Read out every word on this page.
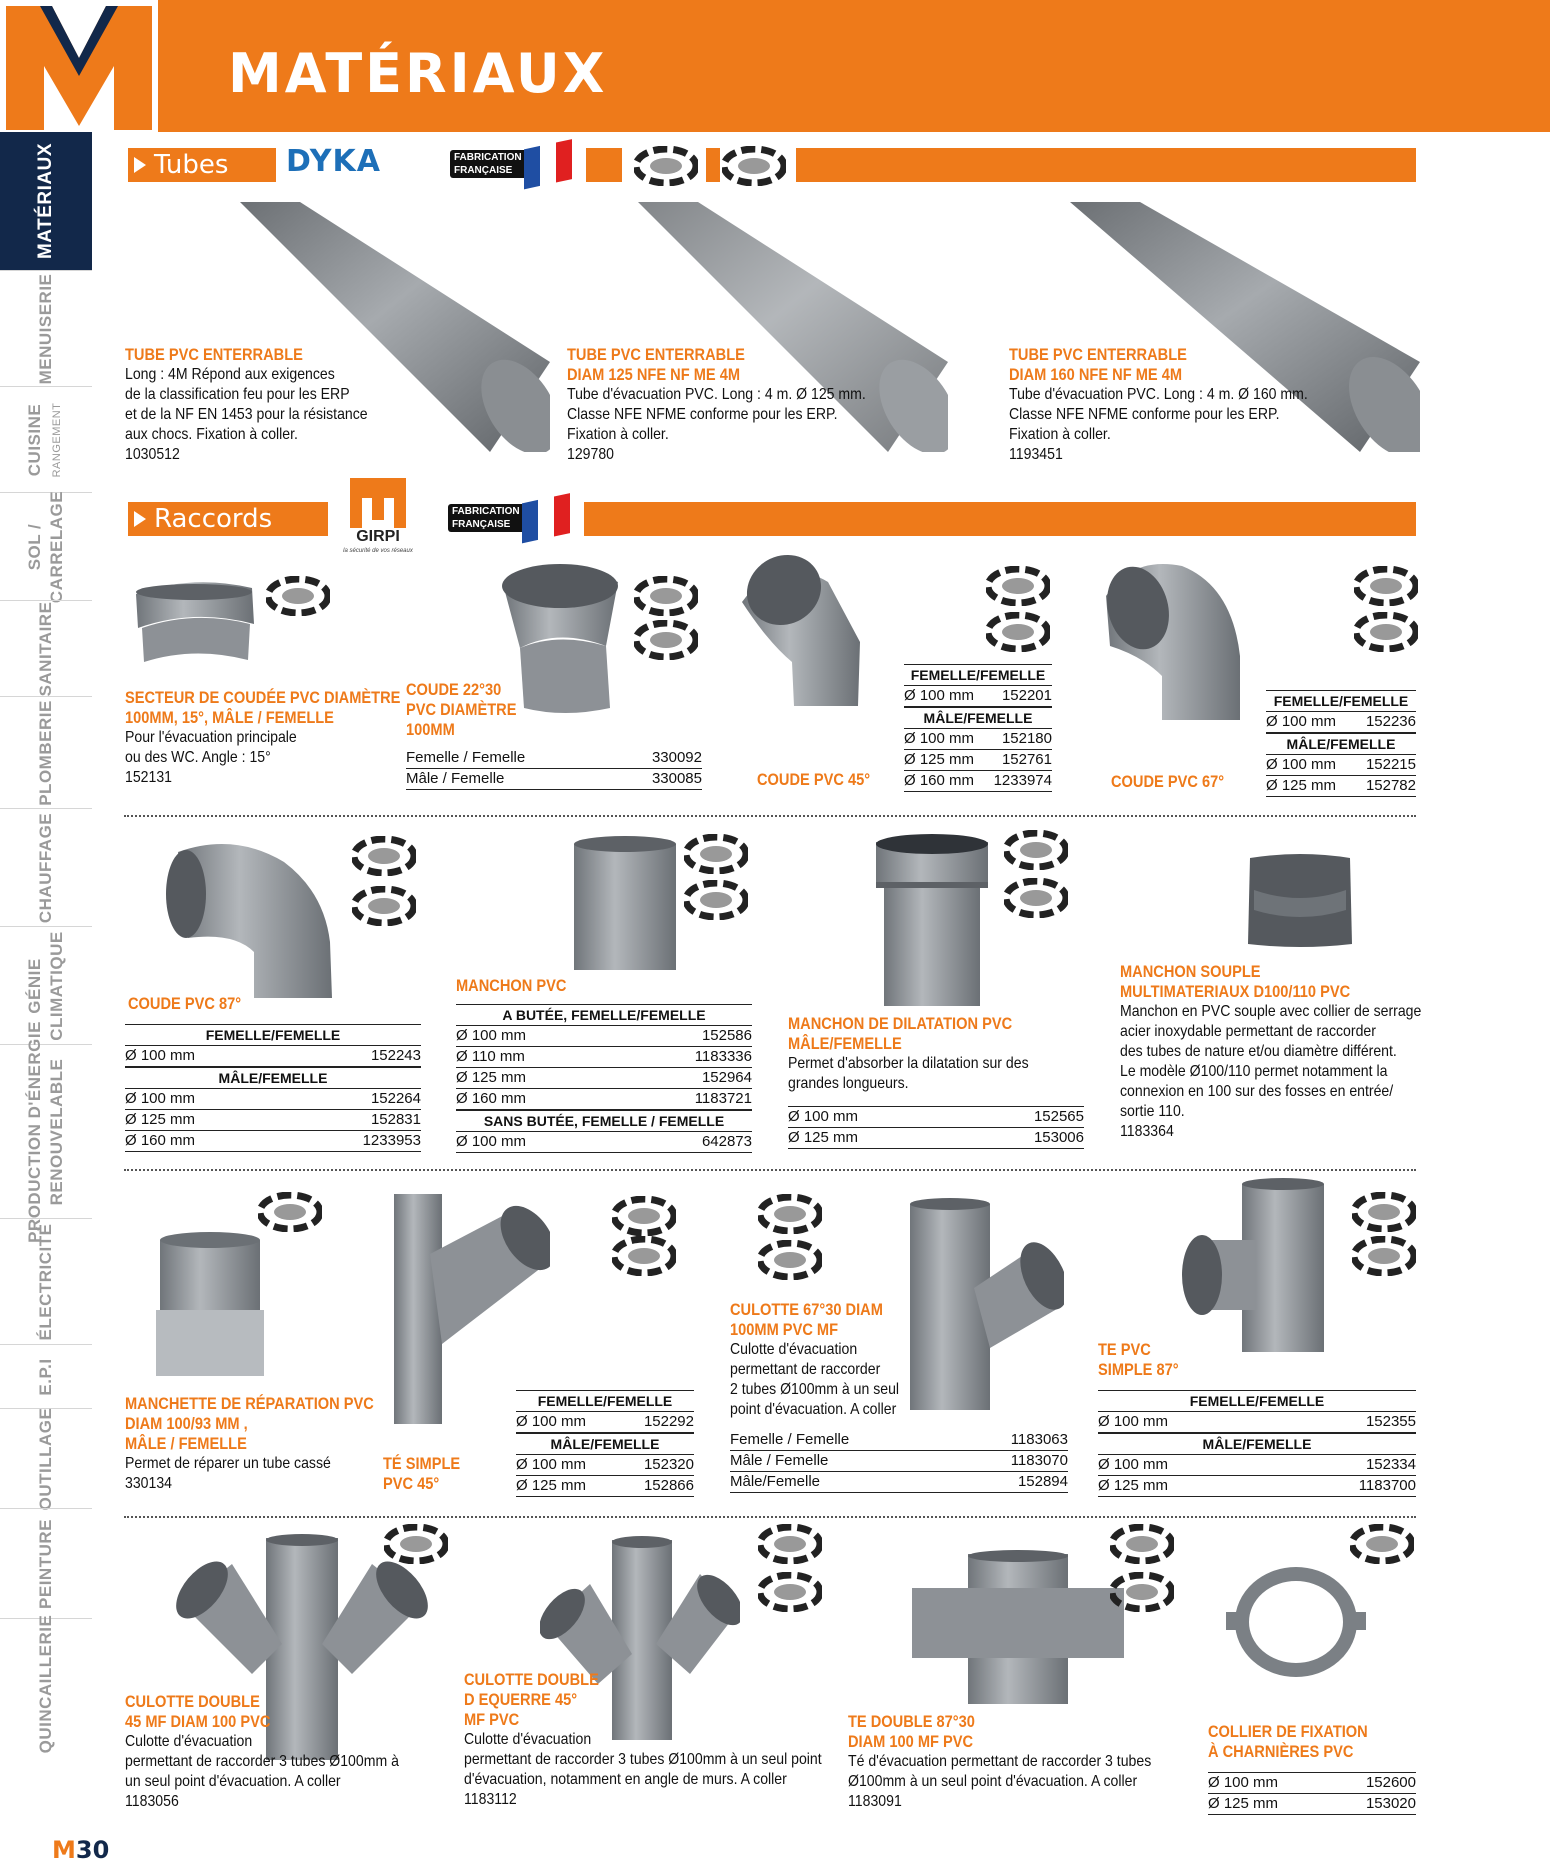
MATÉRIAUX
MATÉRIAUX
MENUISERIE
CUISINE RANGEMENT
SOL / CARRELAGE
SANITAIRE
PLOMBERIE
CHAUFFAGE
GÉNIE CLIMATIQUE
PRODUCTION D'ÉNERGIE RENOUVELABLE
ÉLECTRICITÉ
E.P.I
OUTILLAGE
PEINTURE
QUINCAILLERIE
Tubes	DYKA	FABRICATION FRANÇAISE
TUBE PVC ENTERRABLE
Long : 4M Répond aux exigences
de la classification feu pour les ERP
et de la NF EN 1453 pour la résistance
aux chocs. Fixation à coller.
1030512
TUBE PVC ENTERRABLE
DIAM 125 NFE NF ME 4M
Tube d'évacuation PVC. Long : 4 m. Ø 125 mm.
Classe NFE NFME conforme pour les ERP.
Fixation à coller.
129780
TUBE PVC ENTERRABLE
DIAM 160 NFE NF ME 4M
Tube d'évacuation PVC. Long : 4 m. Ø 160 mm.
Classe NFE NFME conforme pour les ERP.
Fixation à coller.
1193451
Raccords
GIRPI
la sécurité de vos réseaux
FABRICATION FRANÇAISE
SECTEUR DE COUDÉE PVC DIAMÈTRE
100MM, 15°, MÂLE / FEMELLE
Pour l'évacuation principale
ou des WC. Angle : 15°
152131
COUDE 22°30
PVC DIAMÈTRE
100MM
Femelle / Femelle	330092
Mâle / Femelle	330085	COUDE PVC 45°
FEMELLE/FEMELLE
Ø 100 mm 152201
MÂLE/FEMELLE
Ø 100 mm 152180
Ø 125 mm 152761
Ø 160 mm 1233974	COUDE PVC 67°
FEMELLE/FEMELLE
Ø 100 mm 152236
MÂLE/FEMELLE
Ø 100 mm 152215
Ø 125 mm 152782
COUDE PVC 87°
FEMELLE/FEMELLE
Ø 100 mm	152243
MÂLE/FEMELLE
Ø 100 mm	152264
Ø 125 mm	152831
Ø 160 mm	1233953
MANCHON PVC
A BUTÉE, FEMELLE/FEMELLE
Ø 100 mm	152586
Ø 110 mm	1183336
Ø 125 mm	152964
Ø 160 mm	1183721
SANS BUTÉE, FEMELLE / FEMELLE
Ø 100 mm	642873
MANCHON DE DILATATION PVC
MÂLE/FEMELLE
Permet d'absorber la dilatation sur des
grandes longueurs.
Ø 100 mm	152565
Ø 125 mm	153006
MANCHON SOUPLE
MULTIMATERIAUX D100/110 PVC
Manchon en PVC souple avec collier de serrage
acier inoxydable permettant de raccorder
des tubes de nature et/ou diamètre différent.
Le modèle Ø100/110 permet notamment la
connexion en 100 sur des fosses en entrée/
sortie 110.
1183364
MANCHETTE DE RÉPARATION PVC
DIAM 100/93 MM ,
MÂLE / FEMELLE
Permet de réparer un tube cassé
330134
TÉ SIMPLE
PVC 45°
FEMELLE/FEMELLE
Ø 100 mm	152292
MÂLE/FEMELLE
Ø 100 mm	152320
Ø 125 mm	152866
CULOTTE 67°30 DIAM
100MM PVC MF
Culotte d'évacuation
permettant de raccorder
2 tubes Ø100mm à un seul
point d'évacuation. A coller
Femelle / Femelle	1183063
Mâle / Femelle	1183070
Mâle/Femelle	152894
TE PVC
SIMPLE 87°
FEMELLE/FEMELLE
Ø 100 mm	152355
MÂLE/FEMELLE
Ø 100 mm	152334
Ø 125 mm	1183700
CULOTTE DOUBLE
45 MF DIAM 100 PVC
Culotte d'évacuation
permettant de raccorder 3 tubes Ø100mm à
un seul point d'évacuation. A coller
1183056
CULOTTE DOUBLE
D EQUERRE 45°
MF PVC
Culotte d'évacuation
permettant de raccorder 3 tubes Ø100mm à un seul point
d'évacuation, notamment en angle de murs. A coller
1183112
TE DOUBLE 87°30
DIAM 100 MF PVC
Té d'évacuation permettant de raccorder 3 tubes
Ø100mm à un seul point d'évacuation. A coller
1183091
COLLIER DE FIXATION
À CHARNIÈRES PVC
Ø 100 mm	152600
Ø 125 mm	153020
M30
